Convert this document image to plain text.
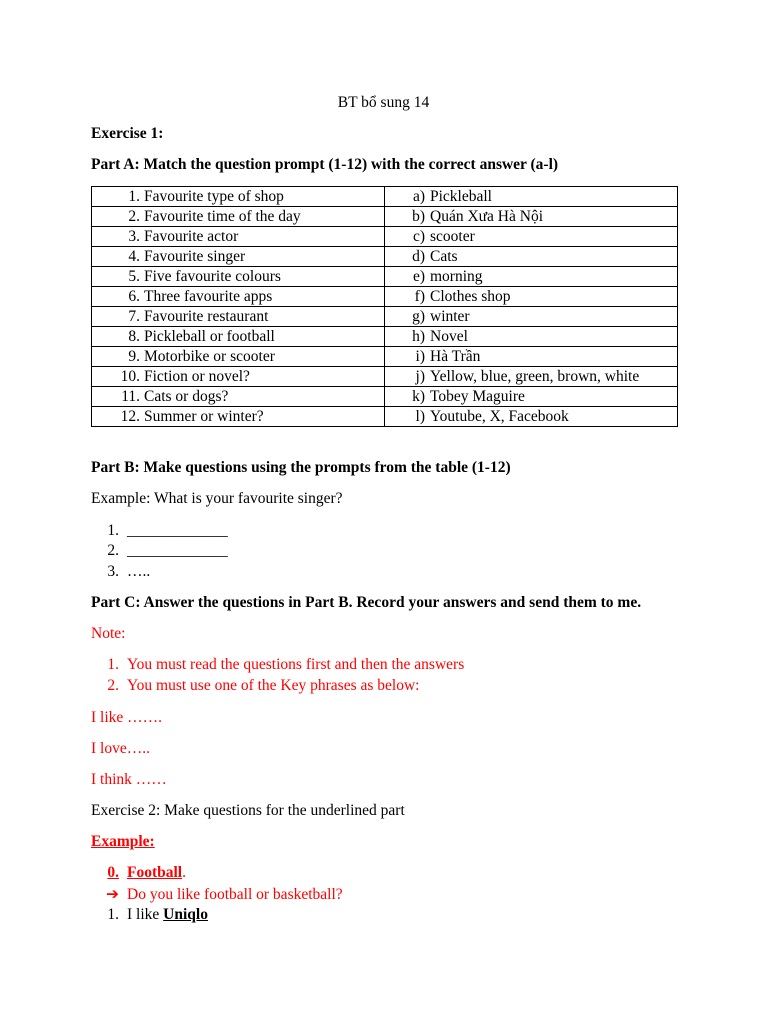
BT bổ sung 14
Exercise 1:
Part A: Match the question prompt (1-12) with the correct answer (a-l)
1. Favourite type of shop	a) Pickleball
2. Favourite time of the day	b) Quán Xưa Hà Nội
3. Favourite actor	c) scooter
4. Favourite singer	d) Cats
5. Five favourite colours	e) morning
6. Three favourite apps	f) Clothes shop
7. Favourite restaurant	g) winter
8. Pickleball or football	h) Novel
9. Motorbike or scooter	i) Hà Trần
10. Fiction or novel?	j) Yellow, blue, green, brown, white
11. Cats or dogs?	k) Tobey Maguire
12. Summer or winter?	l) Youtube, X, Facebook
Part B: Make questions using the prompts from the table (1-12)
Example: What is your favourite singer?
1. _____________
2. _____________
3. …..
Part C: Answer the questions in Part B. Record your answers and send them to me.
Note:
1. You must read the questions first and then the answers
2. You must use one of the Key phrases as below:
I like …….
I love…..
I think ……
Exercise 2: Make questions for the underlined part
Example:
0. Football.
➔ Do you like football or basketball?
1. I like Uniqlo
